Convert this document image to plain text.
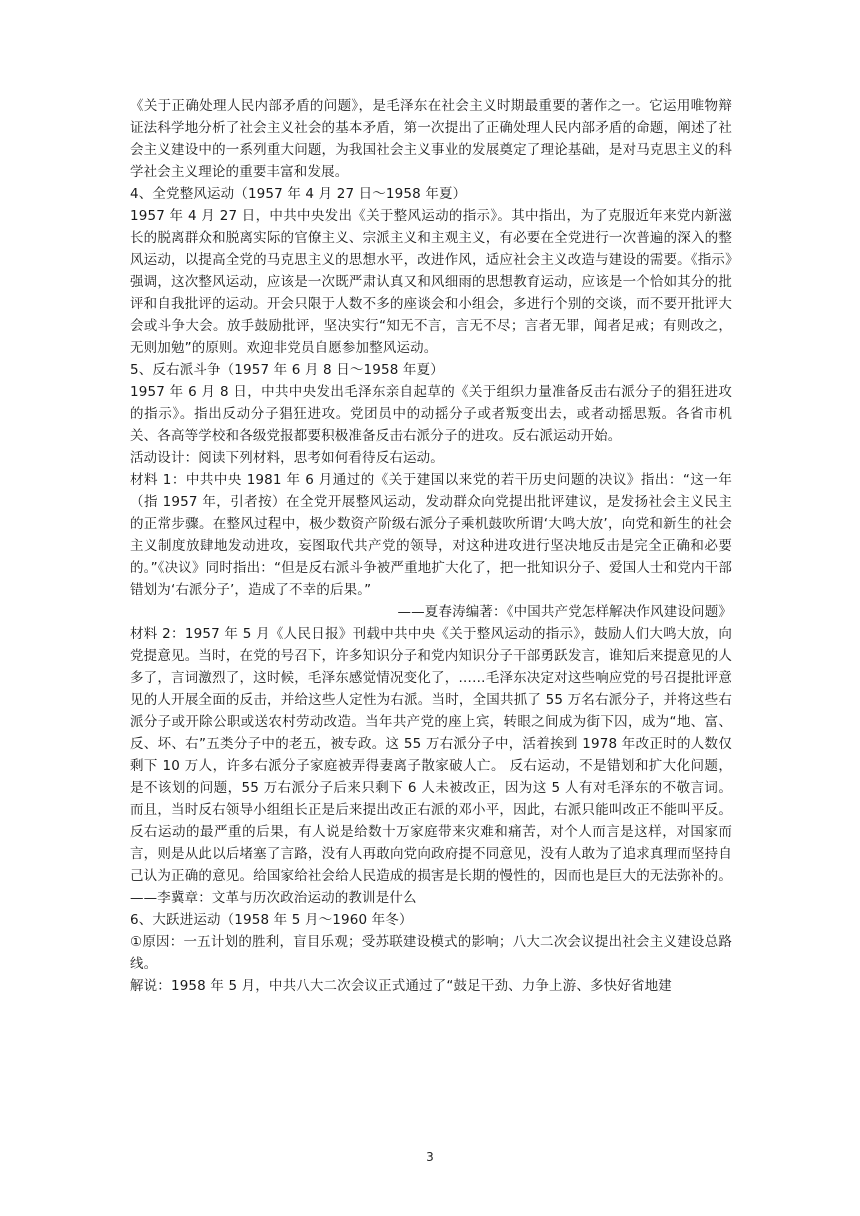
《关于正确处理人民内部矛盾的问题》，是毛泽东在社会主义时期最重要的著作之一。它运用唯物辩证法科学地分析了社会主义社会的基本矛盾，第一次提出了正确处理人民内部矛盾的命题，阐述了社会主义建设中的一系列重大问题，为我国社会主义事业的发展奠定了理论基础，是对马克思主义的科学社会主义理论的重要丰富和发展。

4、全党整风运动（1957 年 4 月 27 日～1958 年夏）

1957 年 4 月 27 日，中共中央发出《关于整风运动的指示》。其中指出，为了克服近年来党内新滋长的脱离群众和脱离实际的官僚主义、宗派主义和主观主义，有必要在全党进行一次普遍的深入的整风运动，以提高全党的马克思主义的思想水平，改进作风，适应社会主义改造与建设的需要。《指示》强调，这次整风运动，应该是一次既严肃认真又和风细雨的思想教育运动，应该是一个恰如其分的批评和自我批评的运动。开会只限于人数不多的座谈会和小组会，多进行个别的交谈，而不要开批评大会或斗争大会。放手鼓励批评，坚决实行“知无不言，言无不尽；言者无罪，闻者足戒；有则改之，无则加勉”的原则。欢迎非党员自愿参加整风运动。

5、反右派斗争（1957 年 6 月 8 日～1958 年夏）

1957 年 6 月 8 日，中共中央发出毛泽东亲自起草的《关于组织力量准备反击右派分子的猖狂进攻的指示》。指出反动分子猖狂进攻。党团员中的动摇分子或者叛变出去，或者动摇思叛。各省市机关、各高等学校和各级党报都要积极准备反击右派分子的进攻。反右派运动开始。

活动设计：阅读下列材料，思考如何看待反右运动。

材料 1：中共中央 1981 年 6 月通过的《关于建国以来党的若干历史问题的决议》指出：“这一年（指 1957 年，引者按）在全党开展整风运动，发动群众向党提出批评建议，是发扬社会主义民主的正常步骤。在整风过程中，极少数资产阶级右派分子乘机鼓吹所谓‘大鸣大放’，向党和新生的社会主义制度放肆地发动进攻，妄图取代共产党的领导，对这种进攻进行坚决地反击是完全正确和必要的。”《决议》同时指出：“但是反右派斗争被严重地扩大化了，把一批知识分子、爱国人士和党内干部错划为‘右派分子’，造成了不幸的后果。”

——夏春涛编著：《中国共产党怎样解决作风建设问题》

材料 2：1957 年 5 月《人民日报》刊载中共中央《关于整风运动的指示》，鼓励人们大鸣大放，向党提意见。当时，在党的号召下，许多知识分子和党内知识分子干部勇跃发言，谁知后来提意见的人多了，言词激烈了，这时候，毛泽东感觉情况变化了，……毛泽东决定对这些响应党的号召提批评意见的人开展全面的反击，并给这些人定性为右派。当时，全国共抓了 55 万名右派分子，并将这些右派分子或开除公职或送农村劳动改造。当年共产党的座上宾，转眼之间成为街下囚，成为“地、富、反、坏、右”五类分子中的老五，被专政。这 55 万右派分子中，活着挨到 1978 年改正时的人数仅剩下 10 万人，许多右派分子家庭被弄得妻离子散家破人亡。 反右运动，不是错划和扩大化问题，是不该划的问题，55 万右派分子后来只剩下 6 人未被改正，因为这 5 人有对毛泽东的不敬言词。而且，当时反右领导小组组长正是后来提出改正右派的邓小平，因此，右派只能叫改正不能叫平反。反右运动的最严重的后果，有人说是给数十万家庭带来灾难和痛苦，对个人而言是这样，对国家而言，则是从此以后堵塞了言路，没有人再敢向党向政府提不同意见，没有人敢为了追求真理而坚持自己认为正确的意见。给国家给社会给人民造成的损害是长期的慢性的，因而也是巨大的无法弥补的。——李冀章：文革与历次政治运动的教训是什么

6、大跃进运动（1958 年 5 月～1960 年冬）

①原因：一五计划的胜利，盲目乐观；受苏联建设模式的影响；八大二次会议提出社会主义建设总路线。

解说：1958 年 5 月，中共八大二次会议正式通过了“鼓足干劲、力争上游、多快好省地建

3
